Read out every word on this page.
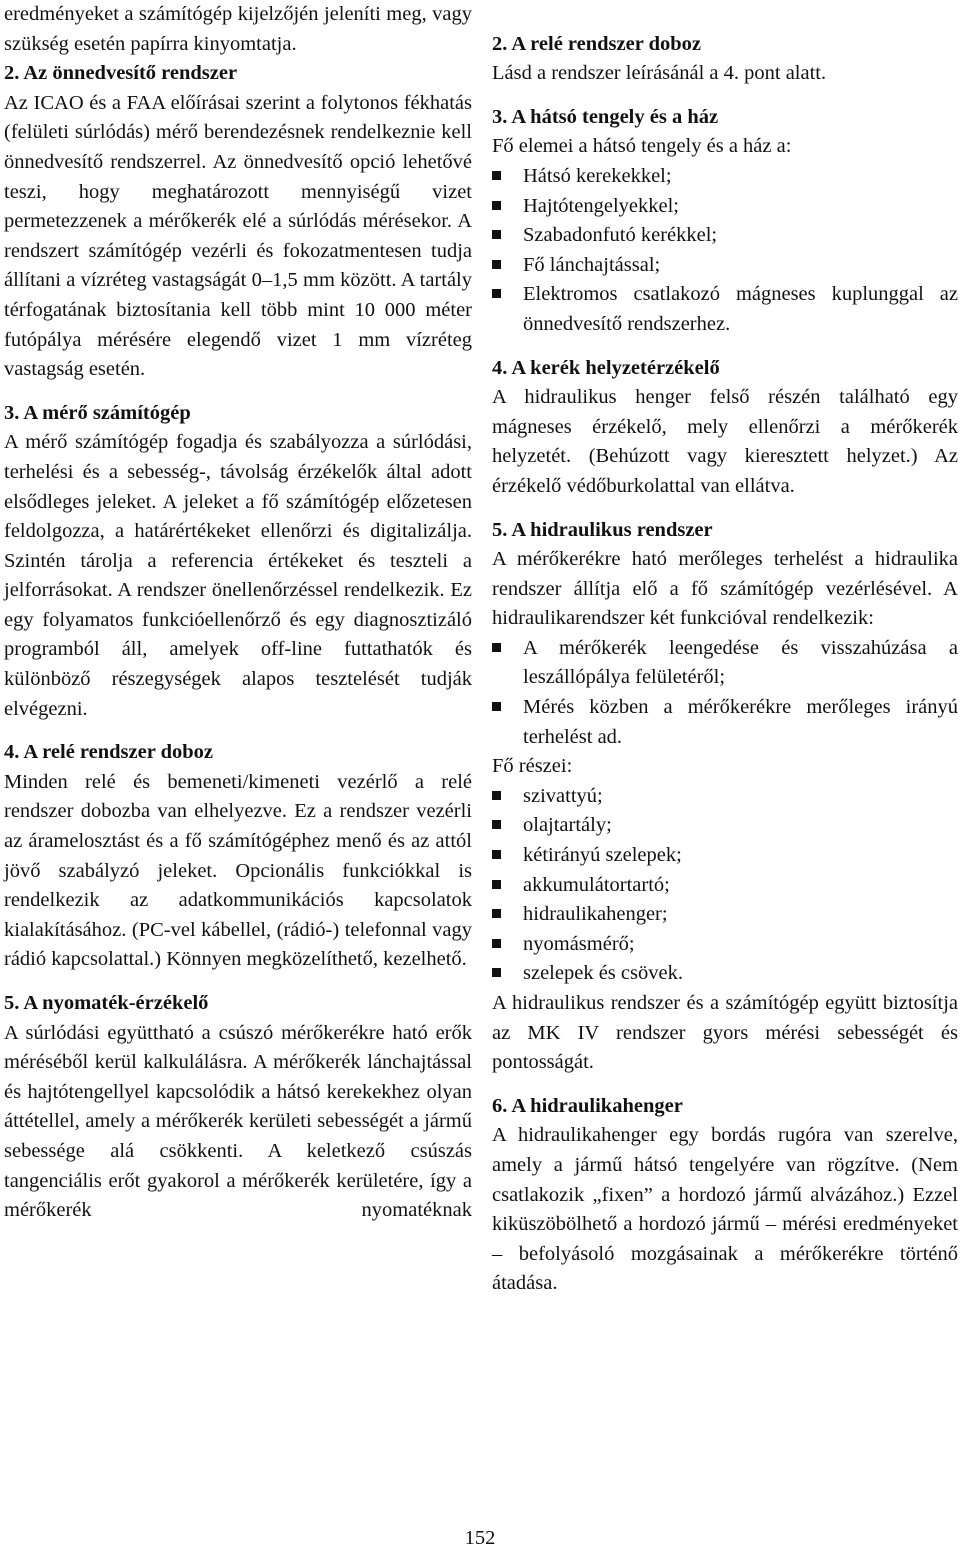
eredményeket a számítógép kijelzőjén jeleníti meg, vagy szükség esetén papírra kinyomtatja.

2. Az önnedvesítő rendszer

Az ICAO és a FAA előírásai szerint a folytonos fékhatás (felületi súrlódás) mérő berendezésnek rendelkeznie kell önnedvesítő rendszerrel. Az önnedvesítő opció lehetővé teszi, hogy meghatározott mennyiségű vizet permetezzenek a mérőkerék elé a súrlódás mérésekor. A rendszert számítógép vezérli és fokozatmentesen tudja állítani a vízréteg vastagságát 0–1,5 mm között. A tartály térfogatának biztosítania kell több mint 10 000 méter futópálya mérésére elegendő vizet 1 mm vízréteg vastagság esetén.

3. A mérő számítógép

A mérő számítógép fogadja és szabályozza a súrlódási, terhelési és a sebesség-, távolság érzékelők által adott elsődleges jeleket. A jeleket a fő számítógép előzetesen feldolgozza, a határértékeket ellenőrzi és digitalizálja. Szintén tárolja a referencia értékeket és teszteli a jelforrásokat. A rendszer önellenőrzéssel rendelkezik. Ez egy folyamatos funkcióellenőrző és egy diagnosztizáló programból áll, amelyek off-line futtathatók és különböző részegységek alapos tesztelését tudják elvégezni.

4. A relé rendszer doboz

Minden relé és bemeneti/kimeneti vezérlő a relé rendszer dobozba van elhelyezve. Ez a rendszer vezérli az áramelosztást és a fő számítógéphez menő és az attól jövő szabályzó jeleket. Opcionális funkciókkal is rendelkezik az adatkommunikációs kapcsolatok kialakításához. (PC-vel kábellel, (rádió-) telefonnal vagy rádió kapcsolattal.) Könnyen megközelíthető, kezelhető.

5. A nyomaték-érzékelő

A súrlódási együttható a csúszó mérőkerékre ható erők méréséből kerül kalkulálásra. A mérőkerék lánchajtással és hajtótengellyel kapcsolódik a hátsó kerekekhez olyan áttétellel, amely a mérőkerék kerületi sebességét a jármű sebessége alá csökkenti. A keletkező csúszás tangenciális erőt gyakorol a mérőkerék kerületére, így a mérőkerék nyomatéknak

2. A relé rendszer doboz

Lásd a rendszer leírásánál a 4. pont alatt.

3. A hátsó tengely és a ház

Fő elemei a hátsó tengely és a ház a:

Hátsó kerekekkel;
Hajtótengelyekkel;
Szabadonfutó kerékkel;
Fő lánchajtással;
Elektromos csatlakozó mágneses kuplunggal az önnedvesítő rendszerhez.

4. A kerék helyzetérzékelő

A hidraulikus henger felső részén található egy mágneses érzékelő, mely ellenőrzi a mérőkerék helyzetét. (Behúzott vagy kieresztett helyzet.) Az érzékelő védőburkolattal van ellátva.

5. A hidraulikus rendszer

A mérőkerékre ható merőleges terhelést a hidraulika rendszer állítja elő a fő számítógép vezérlésével. A hidraulikarendszer két funkcióval rendelkezik:

A mérőkerék leengedése és visszahúzása a leszállópálya felületéről;
Mérés közben a mérőkerékre merőleges irányú terhelést ad.

Fő részei:

szivattyú;
olajtartály;
kétirányú szelepek;
akkumulátortartó;
hidraulikahenger;
nyomásmérő;
szelepek és csövek.

A hidraulikus rendszer és a számítógép együtt biztosítja az MK IV rendszer gyors mérési sebességét és pontosságát.

6. A hidraulikahenger

A hidraulikahenger egy bordás rugóra van szerelve, amely a jármű hátsó tengelyére van rögzítve. (Nem csatlakozik „fixen” a hordozó jármű alvázához.) Ezzel kiküszöbölhető a hordozó jármű – mérési eredményeket – befolyásoló mozgásainak a mérőkerékre történő átadása.

152
